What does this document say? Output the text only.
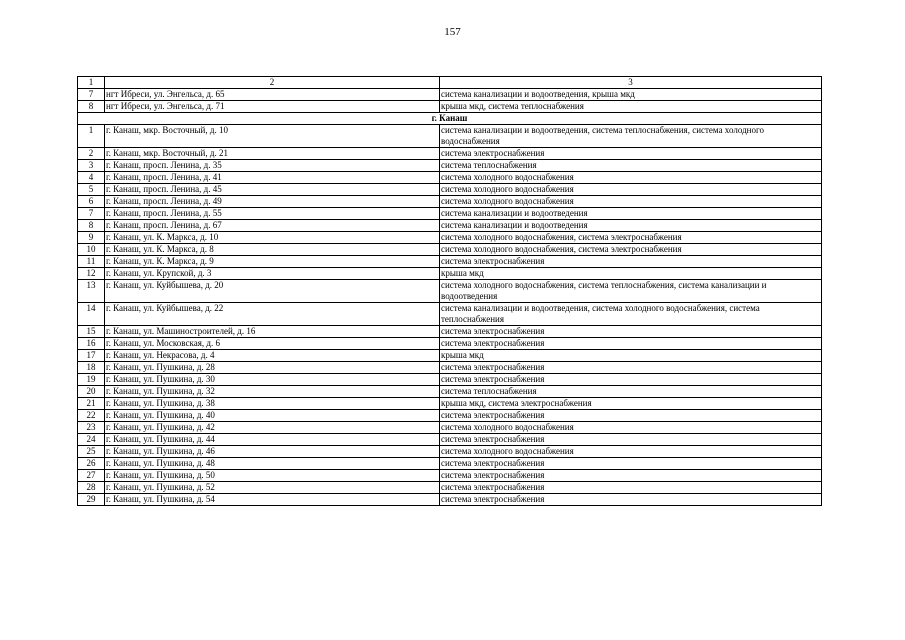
157
1	2	3
7	нгт Ибреси, ул. Энгельса, д. 65	система канализации и водоотведения, крыша мкд
8	нгт Ибреси, ул. Энгельса, д. 71	крыша мкд, система теплоснабжения
г. Канаш		
1	г. Канаш, мкр. Восточный, д. 10	система канализации и водоотведения, система теплоснабжения, система холодного водоснабжения
2	г. Канаш, мкр. Восточный, д. 21	система электроснабжения
3	г. Канаш, просп. Ленина, д. 35	система теплоснабжения
4	г. Канаш, просп. Ленина, д. 41	система холодного водоснабжения
5	г. Канаш, просп. Ленина, д. 45	система холодного водоснабжения
6	г. Канаш, просп. Ленина, д. 49	система холодного водоснабжения
7	г. Канаш, просп. Ленина, д. 55	система канализации и водоотведения
8	г. Канаш, просп. Ленина, д. 67	система канализации и водоотведения
9	г. Канаш, ул. К. Маркса, д. 10	система холодного водоснабжения, система электроснабжения
10	г. Канаш, ул. К. Маркса, д. 8	система холодного водоснабжения, система электроснабжения
11	г. Канаш, ул. К. Маркса, д. 9	система электроснабжения
12	г. Канаш, ул. Крупской, д. 3	крыша мкд
13	г. Канаш, ул. Куйбышева, д. 20	система холодного водоснабжения, система теплоснабжения, система канализации и водоотведения
14	г. Канаш, ул. Куйбышева, д. 22	система канализации и водоотведения, система холодного водоснабжения, система теплоснабжения
15	г. Канаш, ул. Машиностроителей, д. 16	система электроснабжения
16	г. Канаш, ул. Московская, д. 6	система электроснабжения
17	г. Канаш, ул. Некрасова, д. 4	крыша мкд
18	г. Канаш, ул. Пушкина, д. 28	система электроснабжения
19	г. Канаш, ул. Пушкина, д. 30	система электроснабжения
20	г. Канаш, ул. Пушкина, д. 32	система теплоснабжения
21	г. Канаш, ул. Пушкина, д. 38	крыша мкд, система электроснабжения
22	г. Канаш, ул. Пушкина, д. 40	система электроснабжения
23	г. Канаш, ул. Пушкина, д. 42	система холодного водоснабжения
24	г. Канаш, ул. Пушкина, д. 44	система электроснабжения
25	г. Канаш, ул. Пушкина, д. 46	система холодного водоснабжения
26	г. Канаш, ул. Пушкина, д. 48	система электроснабжения
27	г. Канаш, ул. Пушкина, д. 50	система электроснабжения
28	г. Канаш, ул. Пушкина, д. 52	система электроснабжения
29	г. Канаш, ул. Пушкина, д. 54	система электроснабжения
